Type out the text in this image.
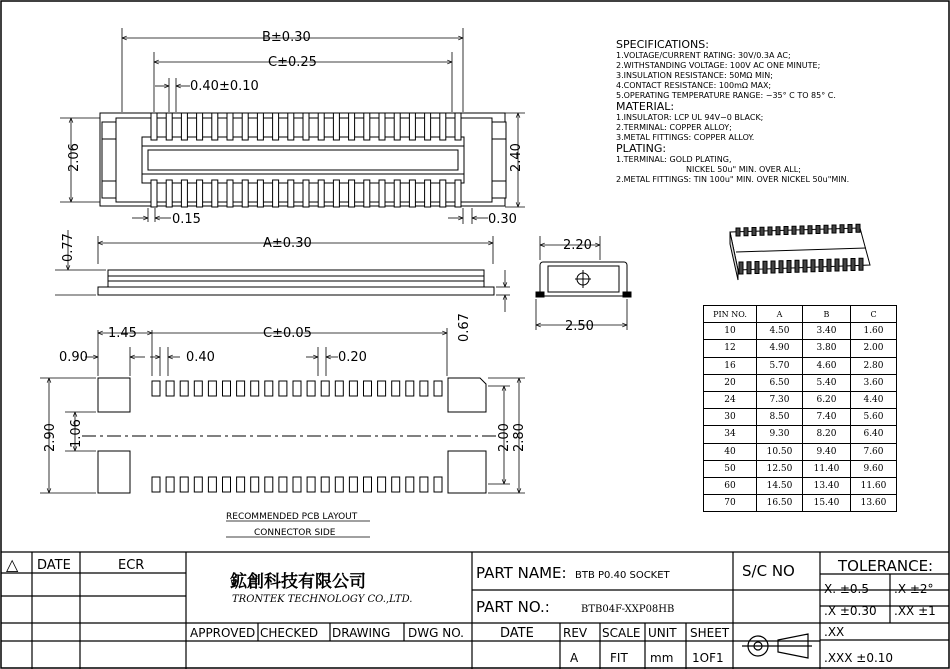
B±0.30
C±0.25
0.40±0.10
2.06	2.40
0.15	0.30
A±0.30
0.77
0.67
2.20
2.50
1.45	C±0.05
0.90	0.40	0.20
2.90 1.06	2.00 2.80
RECOMMENDED PCB LAYOUT
CONNECTOR SIDE
△ DATE	ECR
鉱創科技有限公司
TRONTEK TECHNOLOGY CO.,LTD.
PART NAME: BTB P0.40 SOCKET
PART NO.:	BTB04F-XXP08HB
S/C NO	TOLERANCE:
X. ±0.5 .X ±2°
.X ±0.30 .XX ±1
.XX
.XXX ±0.10
APPROVED CHECKED DRAWING DWG NO.	DATE REV SCALE UNIT SHEET
A	FIT mm 1OF1
SPECIFICATIONS:
1.VOLTAGE/CURRENT RATING: 30V/0.3A AC;
2.WITHSTANDING VOLTAGE: 100V AC ONE MINUTE;
3.INSULATION RESISTANCE: 50MΩ MIN;
4.CONTACT RESISTANCE: 100mΩ MAX;
5.OPERATING TEMPERATURE RANGE: −35° C TO 85° C.
MATERIAL:
1.INSULATOR: LCP UL 94V−0 BLACK;
2.TERMINAL: COPPER ALLOY;
3.METAL FITTINGS: COPPER ALLOY.
PLATING:
1.TERMINAL: GOLD PLATING,
NICKEL 50u" MIN. OVER ALL;
2.METAL FITTINGS: TIN 100u" MIN. OVER NICKEL 50u"MIN.
PIN NO.	A	B	C
10	4.50	3.40	1.60
12	4.90	3.80	2.00
16	5.70	4.60	2.80
20	6.50	5.40	3.60
24	7.30	6.20	4.40
30	8.50	7.40	5.60
34	9.30	8.20	6.40
40	10.50	9.40	7.60
50	12.50	11.40	9.60
60	14.50	13.40	11.60
70	16.50	15.40	13.60
